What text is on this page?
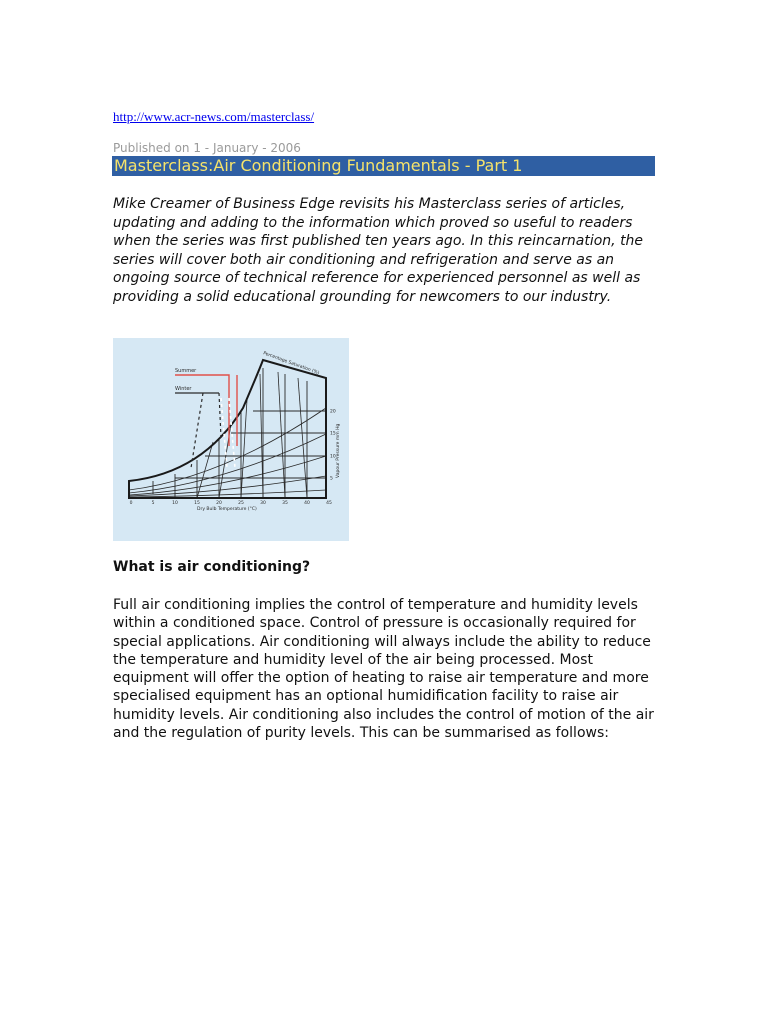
http://www.acr-news.com/masterclass/
Published on 1 - January - 2006
Masterclass:Air Conditioning Fundamentals - Part 1

Mike Creamer of Business Edge revisits his Masterclass series of articles, updating and adding to the information which proved so useful to readers when the series was first published ten years ago. In this reincarnation, the series will cover both air conditioning and refrigeration and serve as an ongoing source of technical reference for experienced personnel as well as providing a solid educational grounding for newcomers to our industry.

Summer
Winter
Percentage Saturation (%)
Vapour Pressure mm Hg
Dry Bulb Temperature (°C)
0	5	10	15	20	25	30	35	40	45
5
10
15
20
What is air conditioning?

Full air conditioning implies the control of temperature and humidity levels within a conditioned space. Control of pressure is occasionally required for special applications. Air conditioning will always include the ability to reduce the temperature and humidity level of the air being processed. Most equipment will offer the option of heating to raise air temperature and more specialised equipment has an optional humidification facility to raise air humidity levels. Air conditioning also includes the control of motion of the air and the regulation of purity levels. This can be summarised as follows:
